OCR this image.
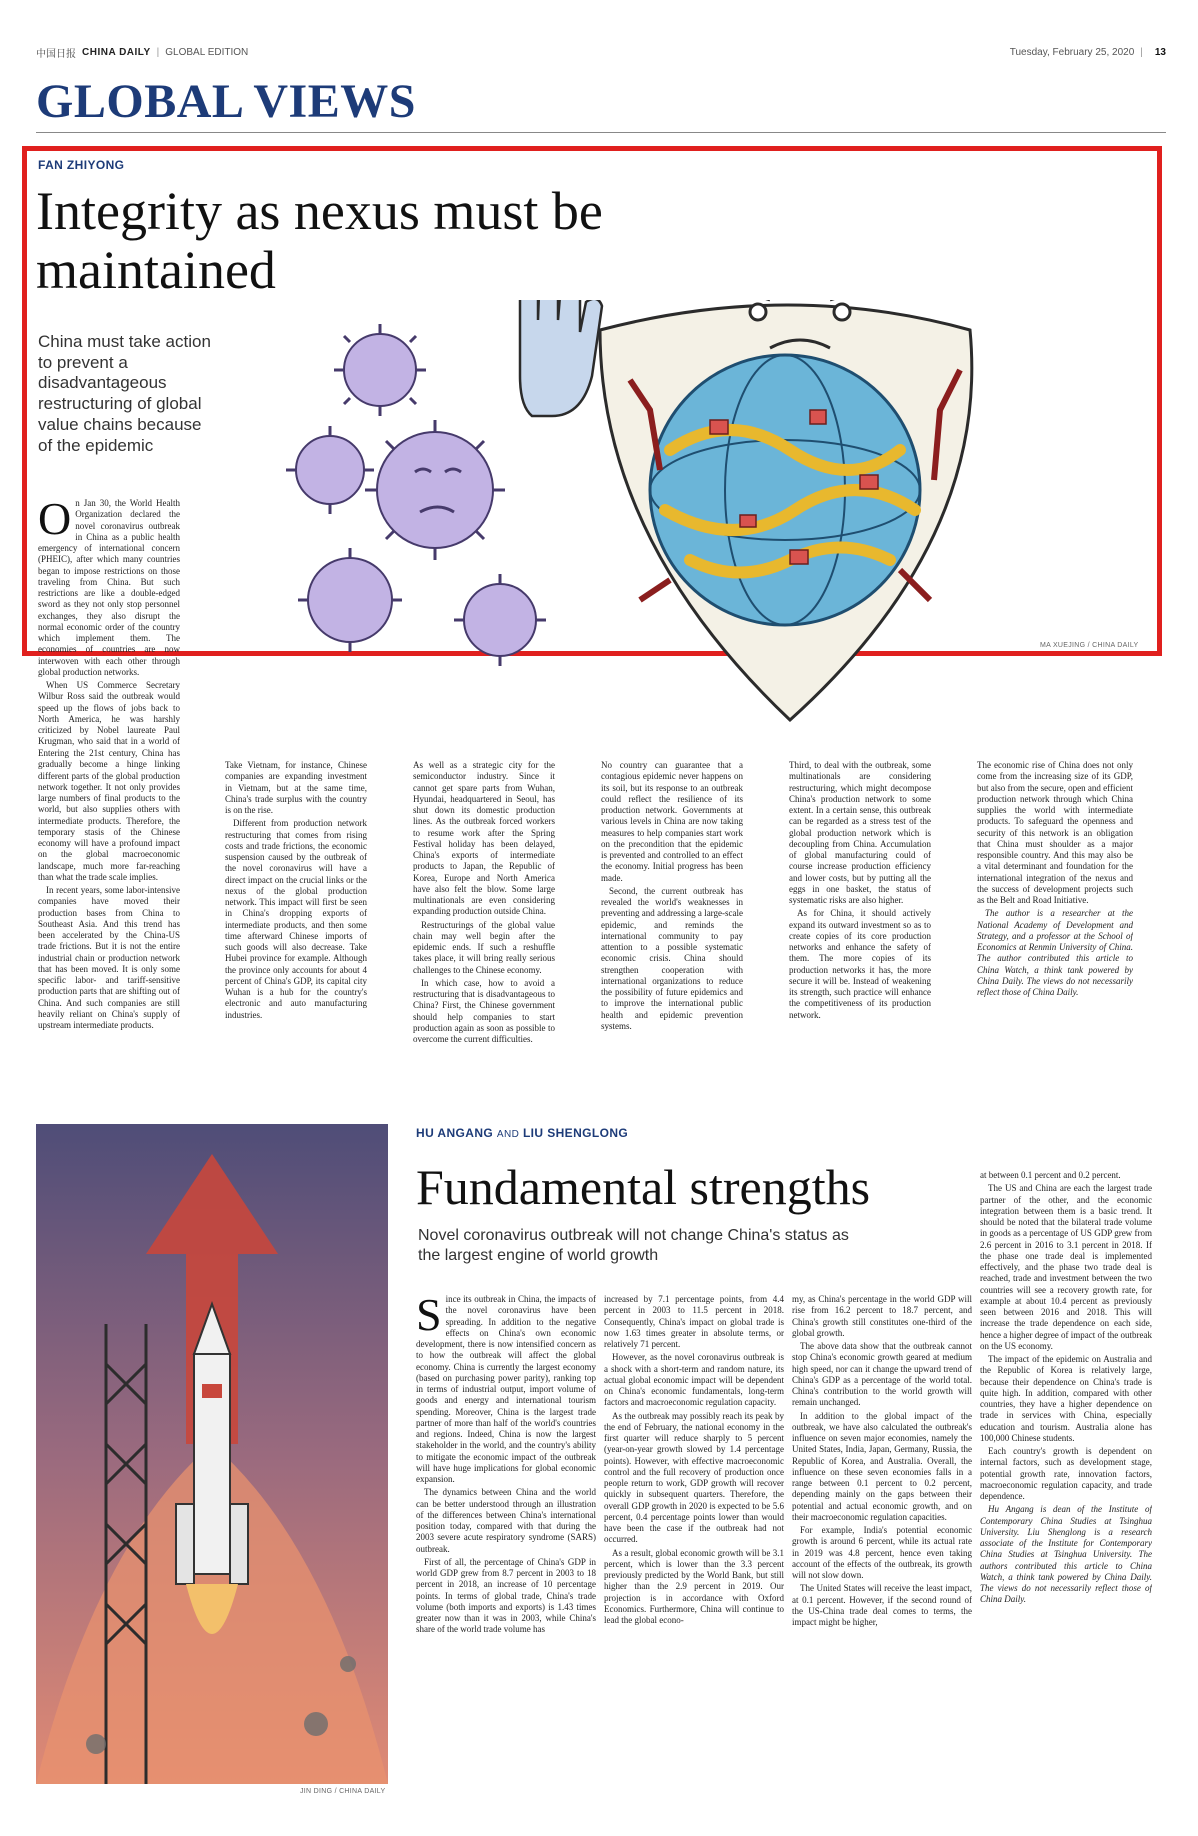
中国日报 CHINA DAILY | GLOBAL EDITION	Tuesday, February 25, 2020 | 13
GLOBAL VIEWS
FAN ZHIYONG
Integrity as nexus must be maintained
China must take action to prevent a disadvantageous restructuring of global value chains because of the epidemic
MA XUEJING / CHINA DAILY
O n Jan 30, the World Health Organization declared the novel coronavirus outbreak in China as a public health emergency of international concern (PHEIC), after which many countries began to impose restrictions on those traveling from China. But such restrictions are like a double-edged sword as they not only stop personnel exchanges, they also disrupt the normal economic order of the country which implement them. The economies of countries are now interwoven with each other through global production networks.

When US Commerce Secretary Wilbur Ross said the outbreak would speed up the flows of jobs back to North America, he was harshly criticized by Nobel laureate Paul Krugman, who said that in a world of

Entering the 21st century, China has gradually become a hinge linking different parts of the global production network together. It not only provides large numbers of final products to the world, but also supplies others with intermediate products. Therefore, the temporary stasis of the Chinese economy will have a profound impact on the global macroeconomic landscape, much more far-reaching than what the trade scale implies.

In recent years, some labor-intensive companies have moved their production bases from China to Southeast Asia. And this trend has been accelerated by the China-US trade frictions. But it is not the entire industrial chain or production network that has been moved. It is only some specific labor- and tariff-sensitive production parts that are shifting out of China. And such companies are still heavily reliant on China's supply of upstream intermediate products.

Take Vietnam, for instance, Chinese companies are expanding investment in Vietnam, but at the same time, China's trade surplus with the country is on the rise.

Different from production network restructuring that comes from rising costs and trade frictions, the economic suspension caused by the outbreak of the novel coronavirus will have a direct impact on the crucial links or the nexus of the global production network. This impact will first be seen in China's dropping exports of intermediate products, and then some time afterward Chinese imports of such goods will also decrease. Take Hubei province for example. Although the province only accounts for about 4 percent of China's GDP, its capital city Wuhan is a hub for the country's electronic and auto manufacturing industries.

As well as a strategic city for the semiconductor industry. Since it cannot get spare parts from Wuhan, Hyundai, headquartered in Seoul, has shut down its domestic production lines. As the outbreak forced workers to resume work after the Spring Festival holiday has been delayed, China's exports of intermediate products to Japan, the Republic of Korea, Europe and North America have also felt the blow. Some large multinationals are even considering expanding production outside China.

Restructurings of the global value chain may well begin after the epidemic ends. If such a reshuffle takes place, it will bring really serious challenges to the Chinese economy.

In which case, how to avoid a restructuring that is disadvantageous to China? First, the Chinese government should help companies to start production again as soon as possible to overcome the current difficulties.

No country can guarantee that a contagious epidemic never happens on its soil, but its response to an outbreak could reflect the resilience of its production network. Governments at various levels in China are now taking measures to help companies start work on the precondition that the epidemic is prevented and controlled to an effect the economy. Initial progress has been made.

Second, the current outbreak has revealed the world's weaknesses in preventing and addressing a large-scale epidemic, and reminds the international community to pay attention to a possible systematic economic crisis. China should strengthen cooperation with international organizations to reduce the possibility of future epidemics and to improve the international public health and epidemic prevention systems.

Third, to deal with the outbreak, some multinationals are considering restructuring, which might decompose China's production network to some extent. In a certain sense, this outbreak can be regarded as a stress test of the global production network which is decoupling from China. Accumulation of global manufacturing could of course increase production efficiency and lower costs, but by putting all the eggs in one basket, the status of systematic risks are also higher.

As for China, it should actively expand its outward investment so as to create copies of its core production networks and enhance the safety of them. The more copies of its production networks it has, the more secure it will be. Instead of weakening its strength, such practice will enhance the competitiveness of its production network.

The economic rise of China does not only come from the increasing size of its GDP, but also from the secure, open and efficient production network through which China supplies the world with intermediate products. To safeguard the openness and security of this network is an obligation that China must shoulder as a major responsible country. And this may also be a vital determinant and foundation for the international integration of the nexus and the success of development projects such as the Belt and Road Initiative.

The author is a researcher at the National Academy of Development and Strategy, and a professor at the School of Economics at Renmin University of China. The author contributed this article to China Watch, a think tank powered by China Daily. The views do not necessarily reflect those of China Daily.

JIN DING / CHINA DAILY
HU ANGANG AND LIU SHENGLONG
Fundamental strengths
Novel coronavirus outbreak will not change China's status as the largest engine of world growth
S ince its outbreak in China, the impacts of the novel coronavirus have been spreading. In addition to the negative effects on China's own economic development, there is now intensified concern as to how the outbreak will affect the global economy. China is currently the largest economy (based on purchasing power parity), ranking top in terms of industrial output, import volume of goods and energy and international tourism spending. Moreover, China is the largest trade partner of more than half of the world's countries and regions. Indeed, China is now the largest stakeholder in the world, and the country's ability to mitigate the economic impact of the outbreak will have huge implications for global economic expansion.

The dynamics between China and the world can be better understood through an illustration of the differences between China's international position today, compared with that during the 2003 severe acute respiratory syndrome (SARS) outbreak.

First of all, the percentage of China's GDP in world GDP grew from 8.7 percent in 2003 to 18 percent in 2018, an increase of 10 percentage points. In terms of global trade, China's trade volume (both imports and exports) is 1.43 times greater now than it was in 2003, while China's share of the world trade volume has

increased by 7.1 percentage points, from 4.4 percent in 2003 to 11.5 percent in 2018. Consequently, China's impact on global trade is now 1.63 times greater in absolute terms, or relatively 71 percent.

However, as the novel coronavirus outbreak is a shock with a short-term and random nature, its actual global economic impact will be dependent on China's economic fundamentals, long-term factors and macroeconomic regulation capacity.

As the outbreak may possibly reach its peak by the end of February, the national economy in the first quarter will reduce sharply to 5 percent (year-on-year growth slowed by 1.4 percentage points). However, with effective macroeconomic control and the full recovery of production once people return to work, GDP growth will recover quickly in subsequent quarters. Therefore, the overall GDP growth in 2020 is expected to be 5.6 percent, 0.4 percentage points lower than would have been the case if the outbreak had not occurred.

As a result, global economic growth will be 3.1 percent, which is lower than the 3.3 percent previously predicted by the World Bank, but still higher than the 2.9 percent in 2019. Our projection is in accordance with Oxford Economics. Furthermore, China will continue to lead the global econo-

my, as China's percentage in the world GDP will rise from 16.2 percent to 18.7 percent, and China's growth still constitutes one-third of the global growth.

The above data show that the outbreak cannot stop China's economic growth geared at medium high speed, nor can it change the upward trend of China's GDP as a percentage of the world total. China's contribution to the world growth will remain unchanged.

In addition to the global impact of the outbreak, we have also calculated the outbreak's influence on seven major economies, namely the United States, India, Japan, Germany, Russia, the Republic of Korea, and Australia. Overall, the influence on these seven economies falls in a range between 0.1 percent to 0.2 percent, depending mainly on the gaps between their potential and actual economic growth, and on their macroeconomic regulation capacities.

For example, India's potential economic growth is around 6 percent, while its actual rate in 2019 was 4.8 percent, hence even taking account of the effects of the outbreak, its growth will not slow down.

The United States will receive the least impact, at 0.1 percent. However, if the second round of the US-China trade deal comes to terms, the impact might be higher,

at between 0.1 percent and 0.2 percent.

The US and China are each the largest trade partner of the other, and the economic integration between them is a basic trend. It should be noted that the bilateral trade volume in goods as a percentage of US GDP grew from 2.6 percent in 2016 to 3.1 percent in 2018. If the phase one trade deal is implemented effectively, and the phase two trade deal is reached, trade and investment between the two countries will see a recovery growth rate, for example at about 10.4 percent as previously seen between 2016 and 2018. This will increase the trade dependence on each side, hence a higher degree of impact of the outbreak on the US economy.

The impact of the epidemic on Australia and the Republic of Korea is relatively large, because their dependence on China's trade is quite high. In addition, compared with other countries, they have a higher dependence on trade in services with China, especially education and tourism. Australia alone has 100,000 Chinese students.

Each country's growth is dependent on internal factors, such as development stage, potential growth rate, innovation factors, macroeconomic regulation capacity, and trade dependence.

Hu Angang is dean of the Institute of Contemporary China Studies at Tsinghua University. Liu Shenglong is a research associate of the Institute for Contemporary China Studies at Tsinghua University. The authors contributed this article to China Watch, a think tank powered by China Daily. The views do not necessarily reflect those of China Daily.
